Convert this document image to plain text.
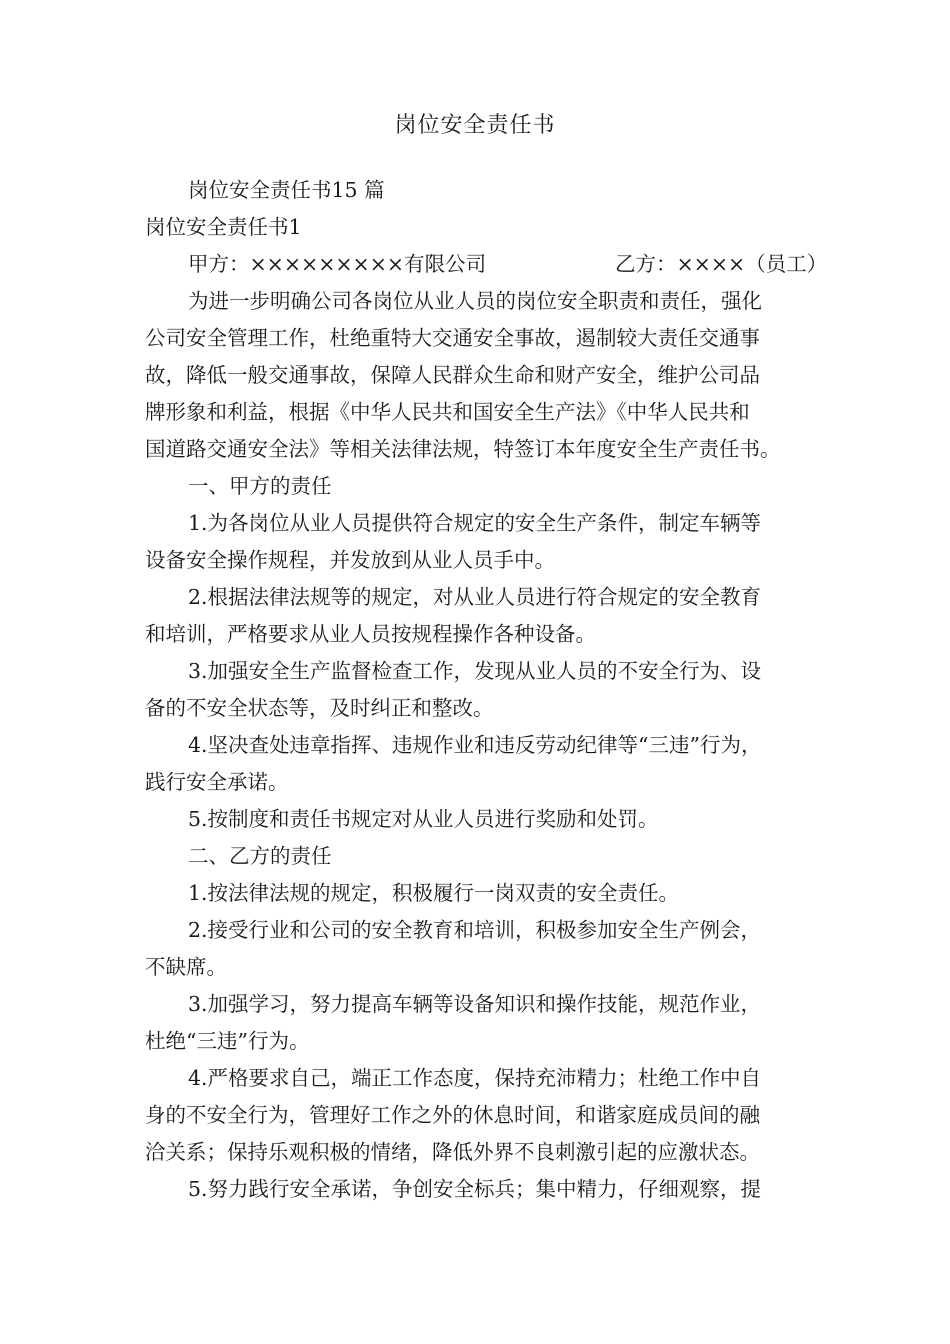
岗位安全责任书
岗位安全责任书15 篇
岗位安全责任书1
甲方：×××××××××有限公司	乙方：××××（员工）
为进一步明确公司各岗位从业人员的岗位安全职责和责任，强化
公司安全管理工作，杜绝重特大交通安全事故，遏制较大责任交通事
故，降低一般交通事故，保障人民群众生命和财产安全，维护公司品
牌形象和利益，根据《中华人民共和国安全生产法》《中华人民共和
国道路交通安全法》等相关法律法规，特签订本年度安全生产责任书。
一、甲方的责任
1.为各岗位从业人员提供符合规定的安全生产条件，制定车辆等
设备安全操作规程，并发放到从业人员手中。
2.根据法律法规等的规定，对从业人员进行符合规定的安全教育
和培训，严格要求从业人员按规程操作各种设备。
3.加强安全生产监督检查工作，发现从业人员的不安全行为、设
备的不安全状态等，及时纠正和整改。
4.坚决查处违章指挥、违规作业和违反劳动纪律等“三违”行为，
践行安全承诺。
5.按制度和责任书规定对从业人员进行奖励和处罚。
二、乙方的责任
1.按法律法规的规定，积极履行一岗双责的安全责任。
2.接受行业和公司的安全教育和培训，积极参加安全生产例会，
不缺席。
3.加强学习，努力提高车辆等设备知识和操作技能，规范作业，
杜绝“三违”行为。
4.严格要求自己，端正工作态度，保持充沛精力；杜绝工作中自
身的不安全行为，管理好工作之外的休息时间，和谐家庭成员间的融
洽关系；保持乐观积极的情绪，降低外界不良刺激引起的应激状态。
5.努力践行安全承诺，争创安全标兵；集中精力，仔细观察，提
